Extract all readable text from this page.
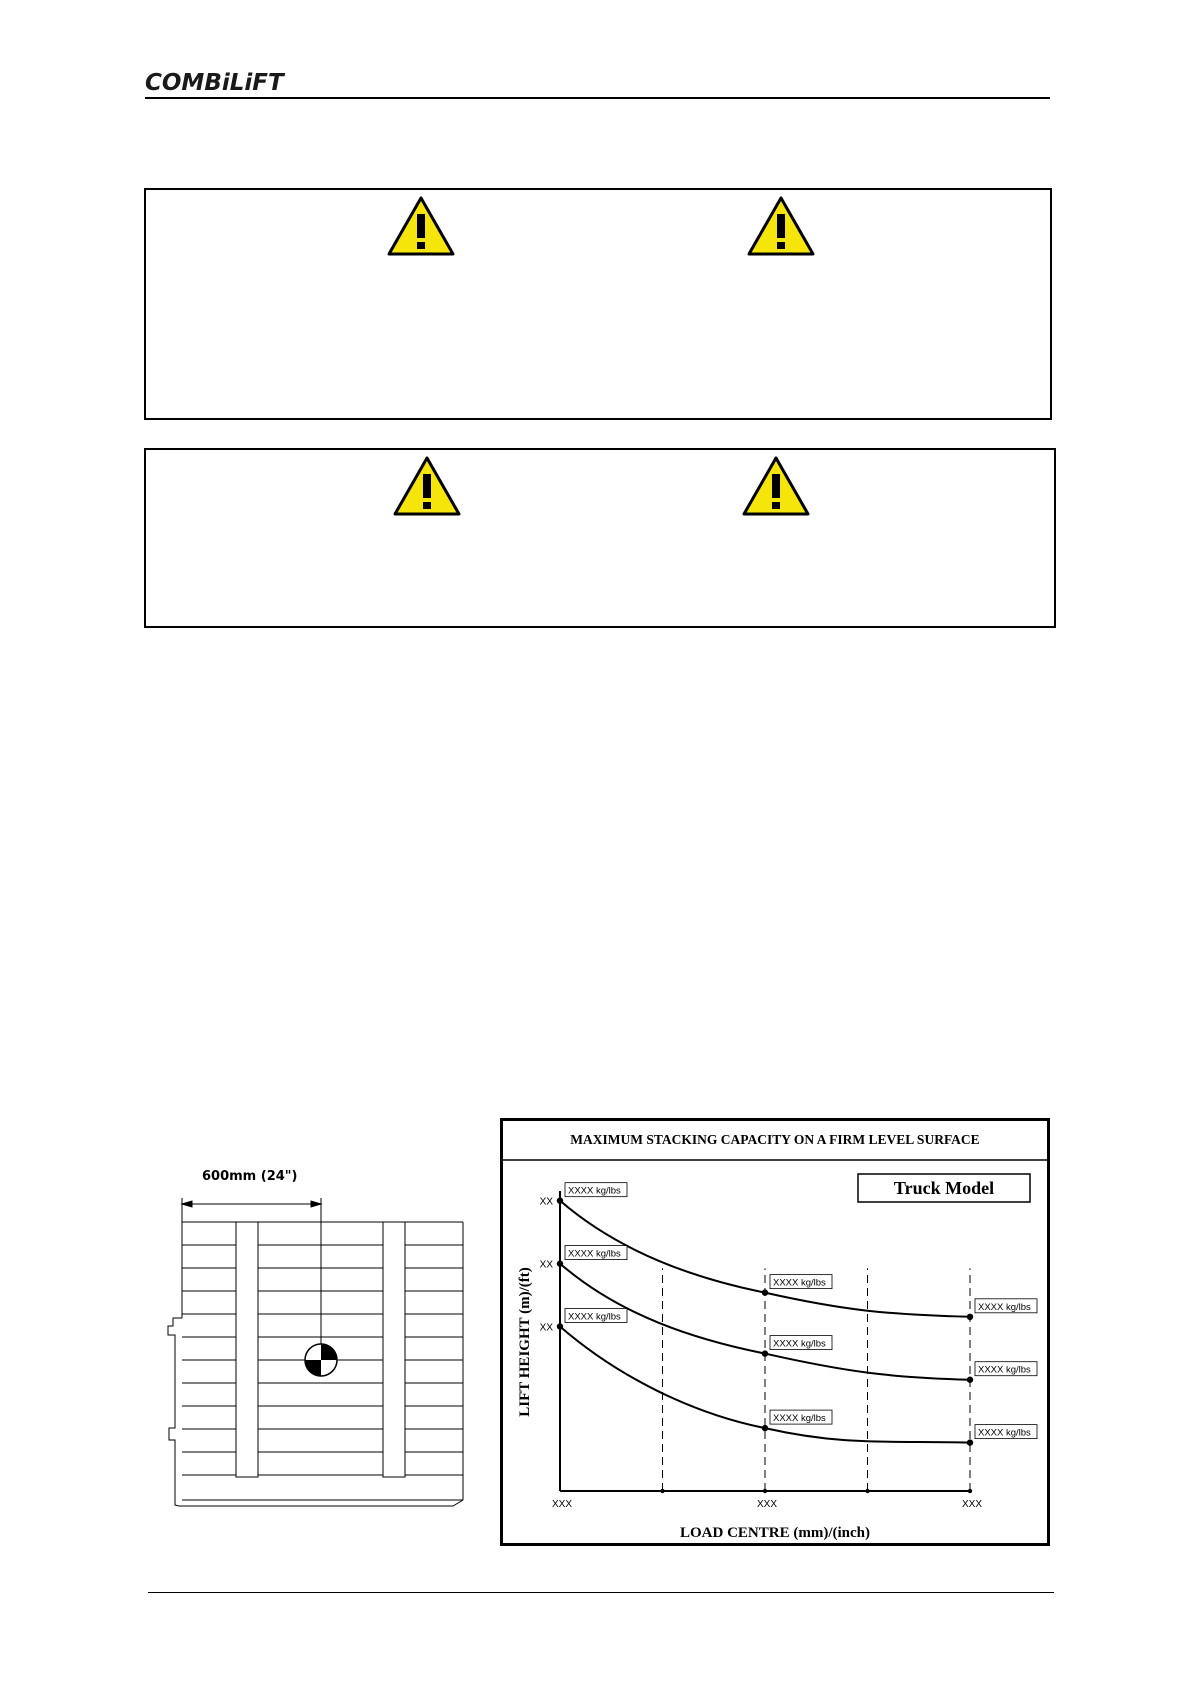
COMBiLiFT
600mm (24")
MAXIMUM STACKING CAPACITY ON A FIRM LEVEL SURFACE
Truck Model
LOAD CENTRE (mm)/(inch)
LIFT HEIGHT (m)/(ft)
XXX	XXX	XXX
XX
XXXX kg/lbs
XXXX kg/lbs
XXXX kg/lbs
XX
XXXX kg/lbs
XXXX kg/lbs
XXXX kg/lbs
XX
XXXX kg/lbs
XXXX kg/lbs
XXXX kg/lbs
